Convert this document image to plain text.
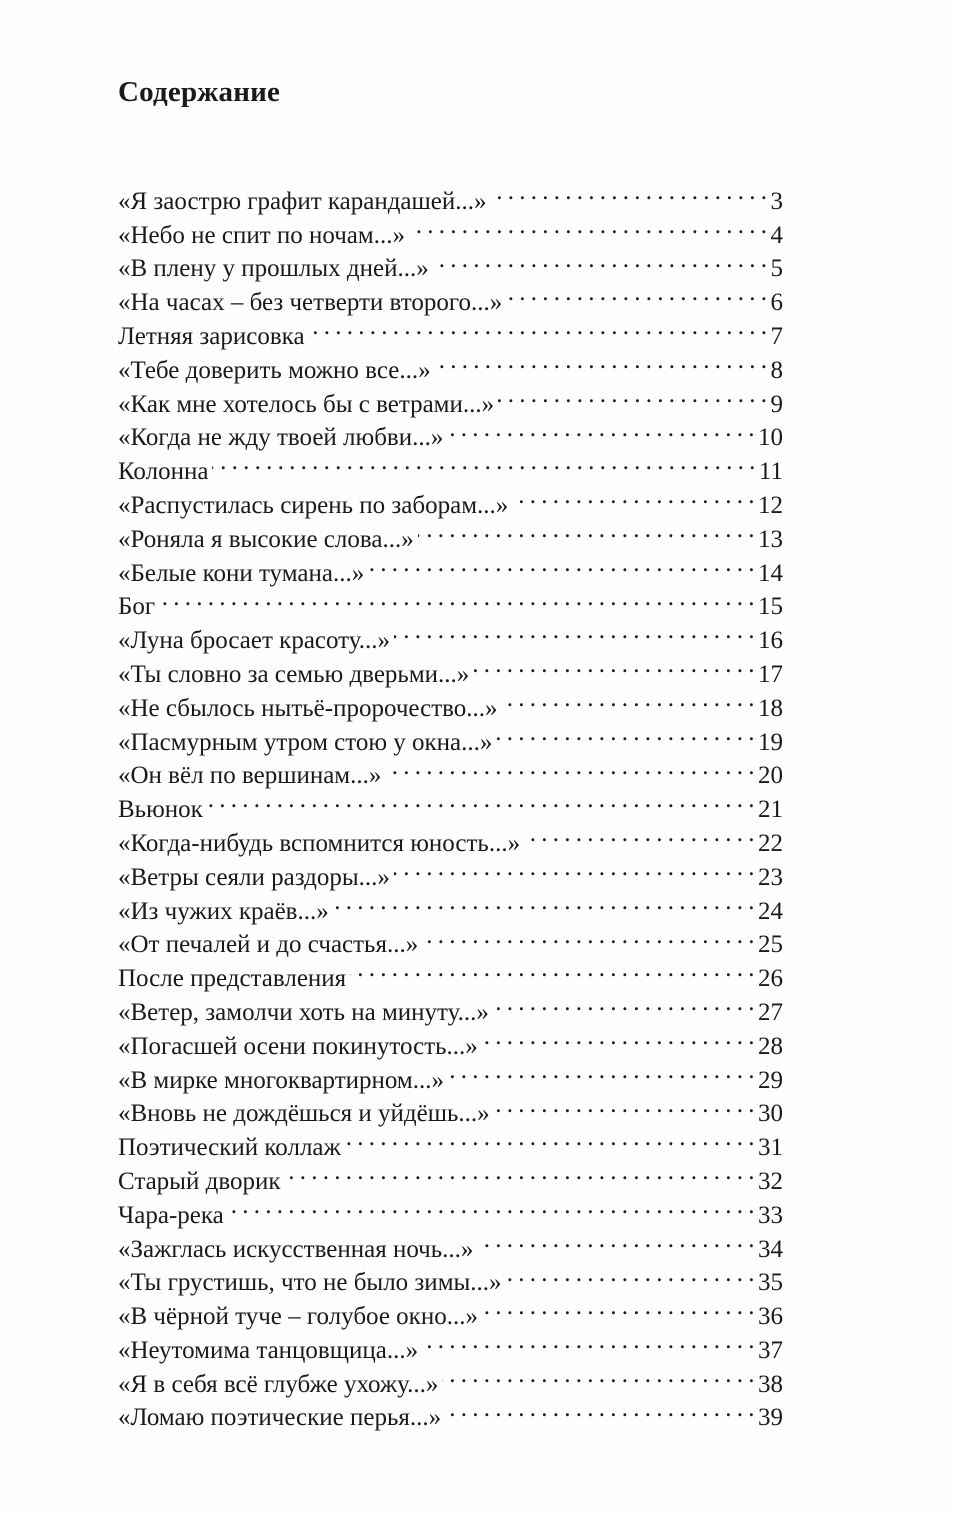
Содержание
«Я заострю графит карандашей...» . . .	3
«Небо не спит по ночам...» . . .	4
«В плену у прошлых дней...» . . .	5
«На часах – без четверти второго...» . . .	6
Летняя зарисовка . . .	7
«Тебе доверить можно все...» . . .	8
«Как мне хотелось бы с ветрами...» . . .	9
«Когда не жду твоей любви...» . . .	10
Колонна . . .	11
«Распустилась сирень по заборам...» . . .	12
«Роняла я высокие слова...» . . .	13
«Белые кони тумана...» . . .	14
Бог . . .	15
«Луна бросает красоту...» . . .	16
«Ты словно за семью дверьми...» . . .	17
«Не сбылось нытьё-пророчество...» . . .	18
«Пасмурным утром стою у окна...» . . .	19
«Он вёл по вершинам...» . . .	20
Вьюнок . . .	21
«Когда-нибудь вспомнится юность...» . . .	22
«Ветры сеяли раздоры...» . . .	23
«Из чужих краёв...» . . .	24
«От печалей и до счастья...» . . .	25
После представления . . .	26
«Ветер, замолчи хоть на минуту...» . . .	27
«Погасшей осени покинутость...» . . .	28
«В мирке многоквартирном...» . . .	29
«Вновь не дождёшься и уйдёшь...» . . .	30
Поэтический коллаж . . .	31
Старый дворик . . .	32
Чара-река . . .	33
«Зажглась искусственная ночь...» . . .	34
«Ты грустишь, что не было зимы...» . . .	35
«В чёрной туче – голубое окно...» . . .	36
«Неутомима танцовщица...» . . .	37
«Я в себя всё глубже ухожу...» . . .	38
«Ломаю поэтические перья...» . . .	39
